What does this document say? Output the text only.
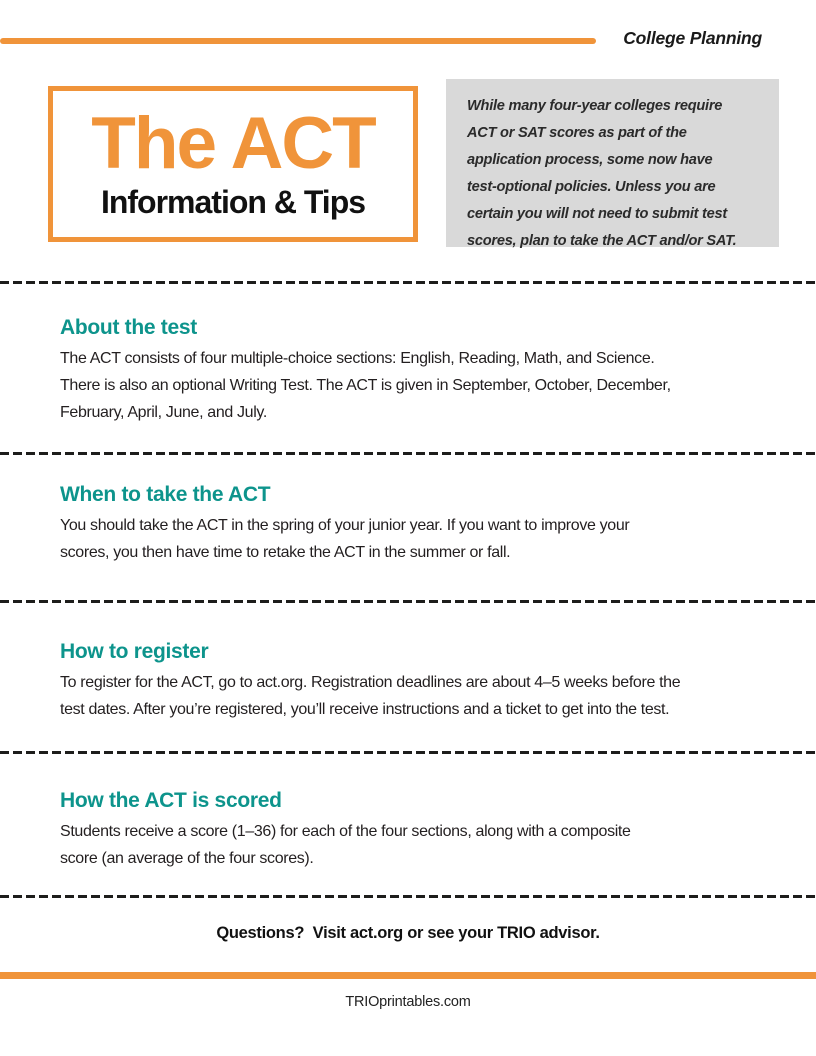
College Planning
The ACT
Information & Tips
While many four-year colleges require
ACT or SAT scores as part of the
application process, some now have
test-optional policies. Unless you are
certain you will not need to submit test
scores, plan to take the ACT and/or SAT.
About the test

The ACT consists of four multiple-choice sections: English, Reading, Math, and Science.
There is also an optional Writing Test. The ACT is given in September, October, December,
February, April, June, and July.

When to take the ACT

You should take the ACT in the spring of your junior year. If you want to improve your
scores, you then have time to retake the ACT in the summer or fall.

How to register

To register for the ACT, go to act.org. Registration deadlines are about 4–5 weeks before the
test dates. After you’re registered, you’ll receive instructions and a ticket to get into the test.

How the ACT is scored

Students receive a score (1–36) for each of the four sections, along with a composite
score (an average of the four scores).

Questions?  Visit act.org or see your TRIO advisor.
TRIOprintables.com
